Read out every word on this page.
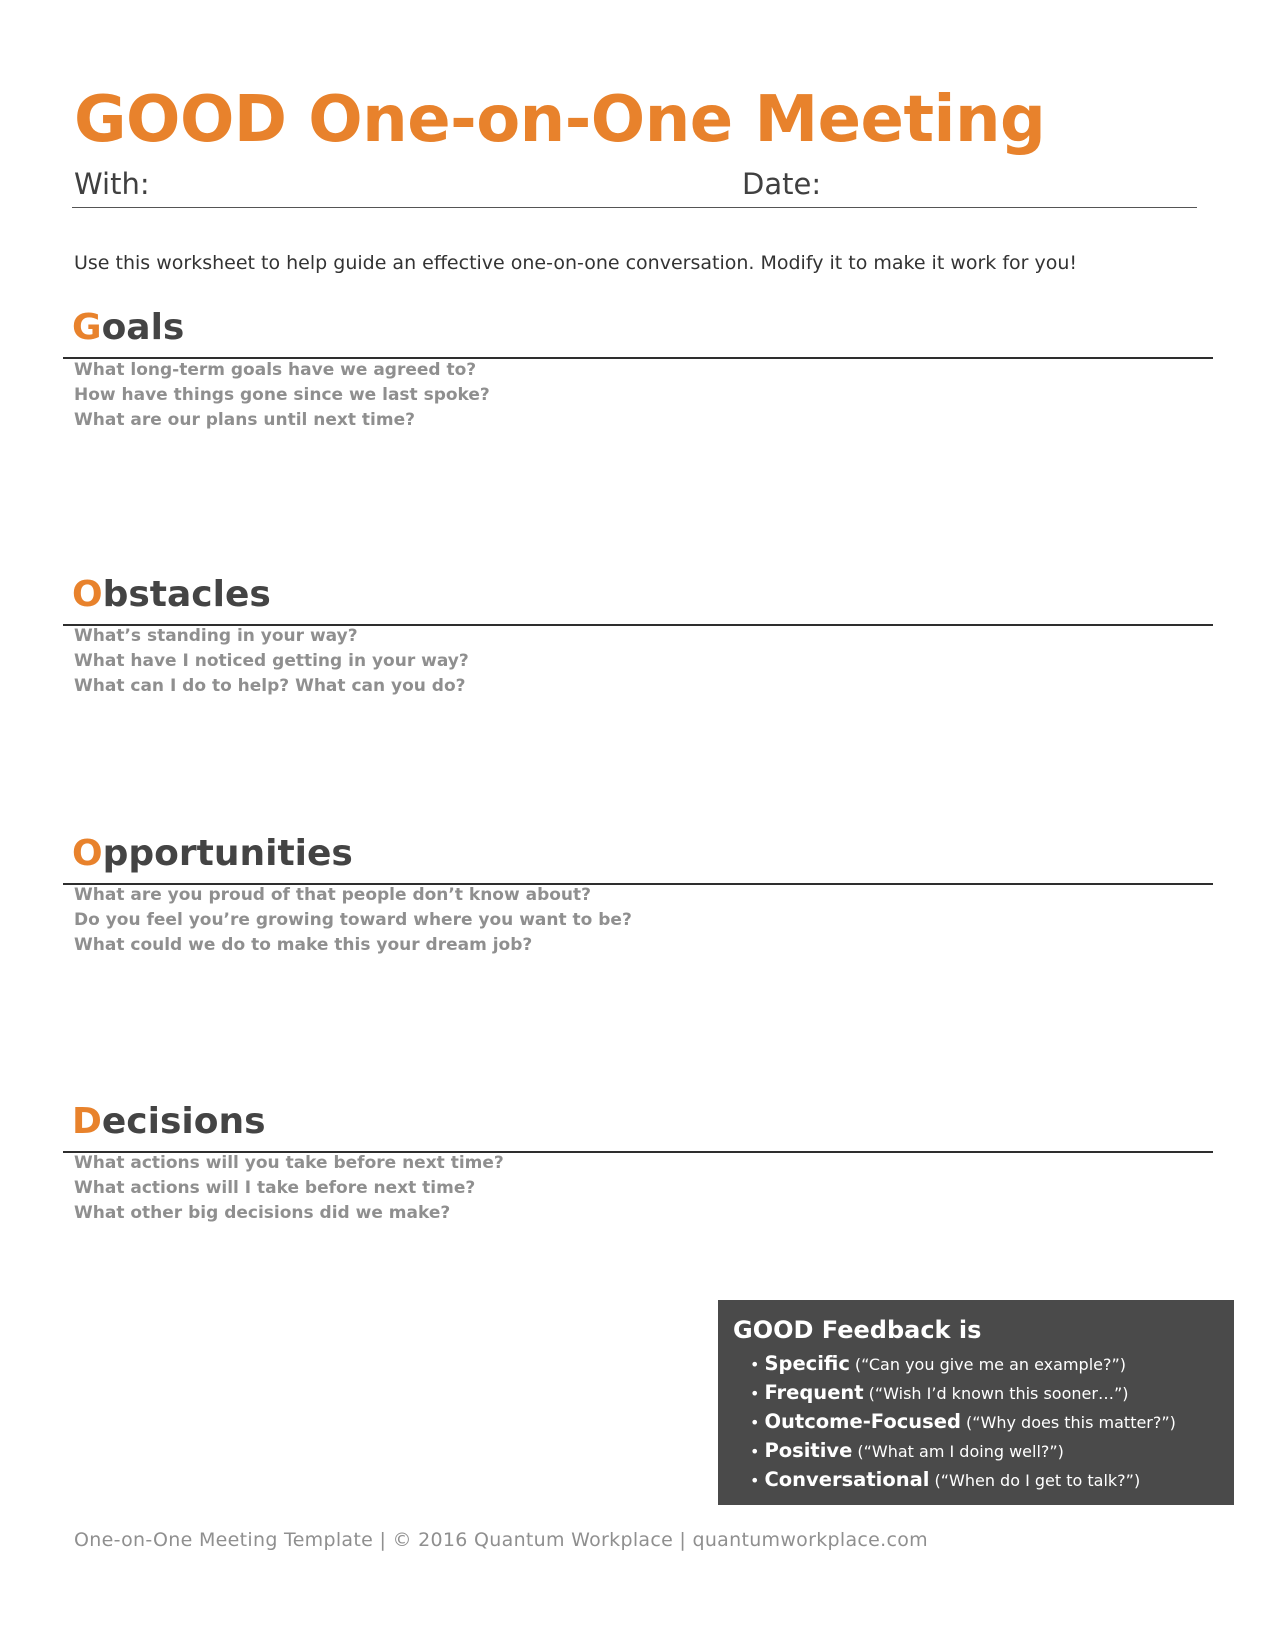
GOOD One-on-One Meeting
With:	Date:

Use this worksheet to help guide an effective one-on-one conversation. Modify it to make it work for you!

Goals
What long-term goals have we agreed to?
How have things gone since we last spoke?
What are our plans until next time?
Obstacles
What’s standing in your way?
What have I noticed getting in your way?
What can I do to help? What can you do?
Opportunities
What are you proud of that people don’t know about?
Do you feel you’re growing toward where you want to be?
What could we do to make this your dream job?
Decisions
What actions will you take before next time?
What actions will I take before next time?
What other big decisions did we make?
GOOD Feedback is
• Specific (“Can you give me an example?”)
• Frequent (“Wish I’d known this sooner…”)
• Outcome-Focused (“Why does this matter?”)
• Positive (“What am I doing well?”)
• Conversational (“When do I get to talk?”)
One-on-One Meeting Template | © 2016 Quantum Workplace | quantumworkplace.com
